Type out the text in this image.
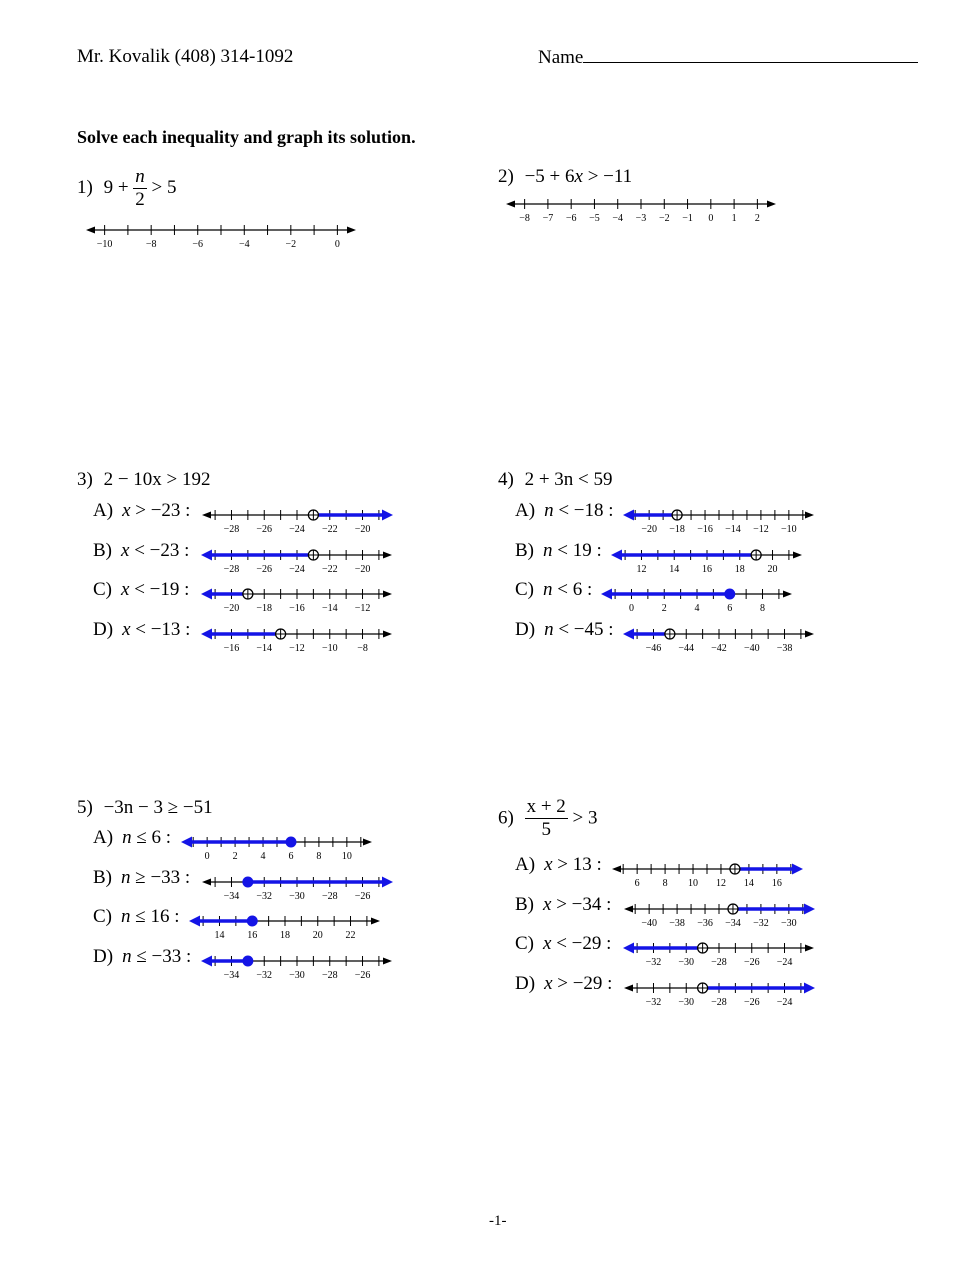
Mr. Kovalik (408) 314-1092	Name
Solve each inequality and graph its solution.
1) $9 + \frac{n}{2} > 5$
−10	−8	−6	−4	−2	0
2) −5 + 6x > −11
−8 −7 −6 −5 −4 −3 −2 −1 0 1 2
3) 2 − 10x > 192
A) x > −23 :
−28 −26 −24 −22 −20
B) x < −23 :
−28 −26 −24 −22 −20
C) x < −19 :
−20 −18 −16 −14 −12
D) x < −13 :
−16 −14 −12 −10 −8
4) 2 + 3n < 59
A) n < −18 :
−20 −18 −16 −14 −12 −10
B) n < 19 :
12 14 16 18 20
C) n < 6 :
0	2	4	6	8
D) n < −45 :
−46 −44 −42 −40 −38
5) −3n − 3 ≥ −51
A) n ≤ 6 :
0 2 4 6 8 10
B) n ≥ −33 :
−34 −32 −30 −28 −26
C) n ≤ 16 :
14 16 18 20 22
D) n ≤ −33 :
−34 −32 −30 −28 −26
$6) \frac{x + 2}{5} > 3$
A) x > 13 :
6 8 10 12 14 16
B) x > −34 :
−40 −38 −36 −34 −32 −30
C) x < −29 :
−32 −30 −28 −26 −24
D) x > −29 :
−32 −30 −28 −26 −24
-1-
